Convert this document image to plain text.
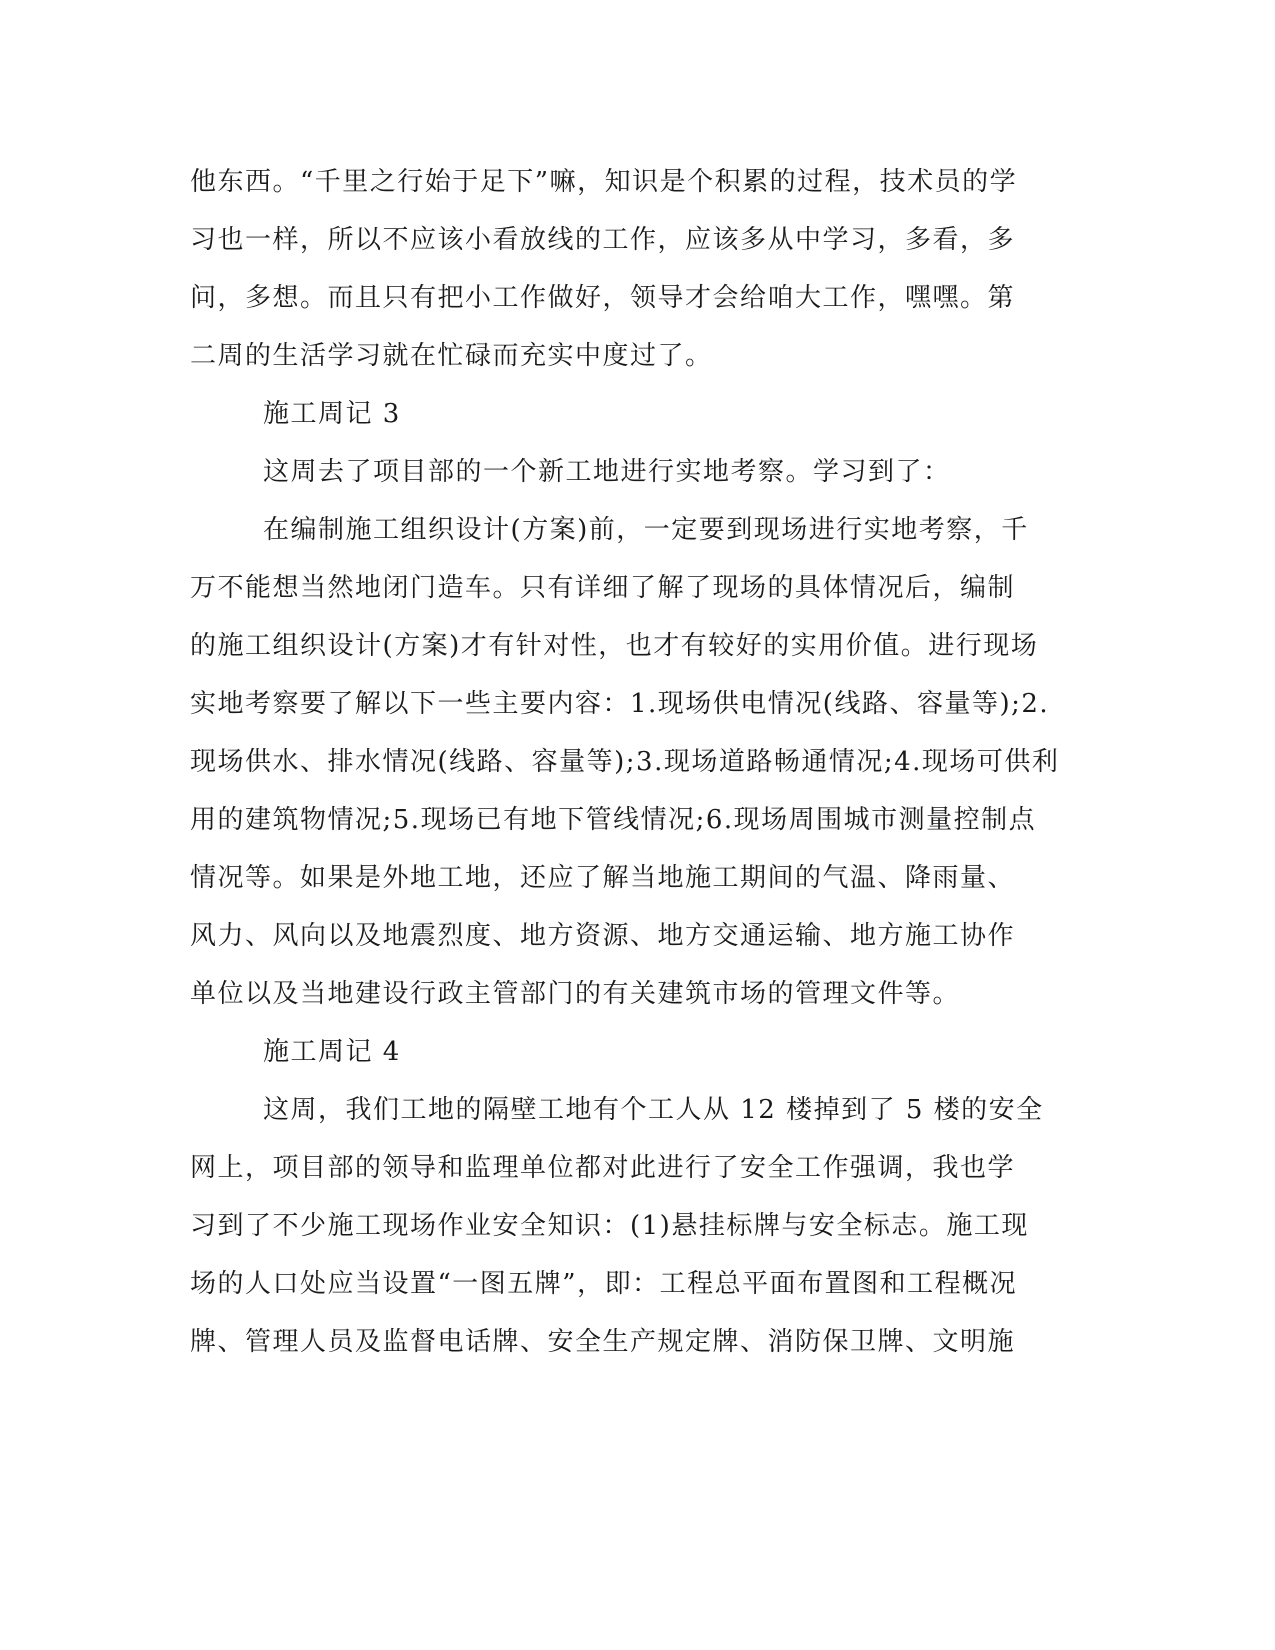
他东西。“千里之行始于足下”嘛，知识是个积累的过程，技术员的学
习也一样，所以不应该小看放线的工作，应该多从中学习，多看，多
问，多想。而且只有把小工作做好，领导才会给咱大工作，嘿嘿。第
二周的生活学习就在忙碌而充实中度过了。
施工周记 3
这周去了项目部的一个新工地进行实地考察。学习到了：
在编制施工组织设计(方案)前，一定要到现场进行实地考察，千
万不能想当然地闭门造车。只有详细了解了现场的具体情况后，编制
的施工组织设计(方案)才有针对性，也才有较好的实用价值。进行现场
实地考察要了解以下一些主要内容：1.现场供电情况(线路、容量等);2.
现场供水、排水情况(线路、容量等);3.现场道路畅通情况;4.现场可供利
用的建筑物情况;5.现场已有地下管线情况;6.现场周围城市测量控制点
情况等。如果是外地工地，还应了解当地施工期间的气温、降雨量、
风力、风向以及地震烈度、地方资源、地方交通运输、地方施工协作
单位以及当地建设行政主管部门的有关建筑市场的管理文件等。
施工周记 4
这周，我们工地的隔壁工地有个工人从 12 楼掉到了 5 楼的安全
网上，项目部的领导和监理单位都对此进行了安全工作强调，我也学
习到了不少施工现场作业安全知识：(1)悬挂标牌与安全标志。施工现
场的人口处应当设置“一图五牌”，即：工程总平面布置图和工程概况
牌、管理人员及监督电话牌、安全生产规定牌、消防保卫牌、文明施
